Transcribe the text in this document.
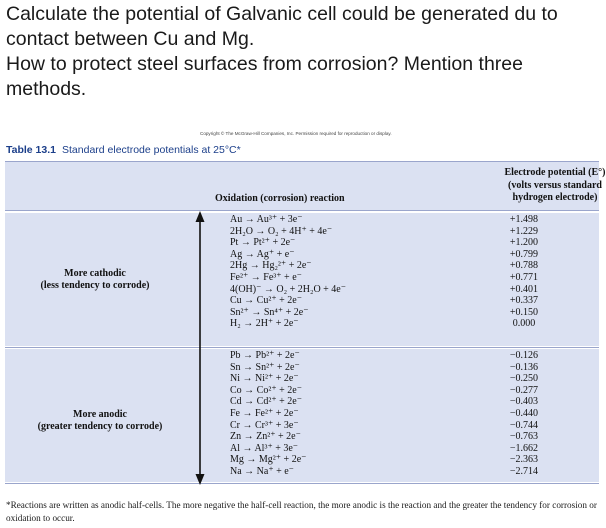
Calculate the potential of Galvanic cell could be generated du to
contact between Cu and Mg.
How to protect steel surfaces from corrosion? Mention three
methods.
Copyright © The McGraw-Hill Companies, Inc. Permission required for reproduction or display.
Table 13.1 Standard electrode potentials at 25°C*
Oxidation (corrosion) reaction
Electrode potential (E°)
(volts versus standard
hydrogen electrode)
More cathodic
(less tendency to corrode)
More anodic
(greater tendency to corrode)
Au → Au³⁺ + 3e⁻	+1.498
2H₂O → O₂ + 4H⁺ + 4e⁻	+1.229
Pt → Pt²⁺ + 2e⁻	+1.200
Ag → Ag⁺ + e⁻	+0.799
2Hg → Hg₂²⁺ + 2e⁻	+0.788
Fe²⁺ → Fe³⁺ + e⁻	+0.771
4(OH)⁻ → O₂ + 2H₂O + 4e⁻	+0.401
Cu → Cu²⁺ + 2e⁻	+0.337
Sn²⁺ → Sn⁴⁺ + 2e⁻	+0.150
H₂ → 2H⁺ + 2e⁻	0.000
Pb → Pb²⁺ + 2e⁻	−0.126
Sn → Sn²⁺ + 2e⁻	−0.136
Ni → Ni²⁺ + 2e⁻	−0.250
Co → Co²⁺ + 2e⁻	−0.277
Cd → Cd²⁺ + 2e⁻	−0.403
Fe → Fe²⁺ + 2e⁻	−0.440
Cr → Cr³⁺ + 3e⁻	−0.744
Zn → Zn²⁺ + 2e⁻	−0.763
Al → Al³⁺ + 3e⁻	−1.662
Mg → Mg²⁺ + 2e⁻	−2.363
Na → Na⁺ + e⁻	−2.714
*Reactions are written as anodic half-cells. The more negative the half-cell reaction, the more anodic is the reaction and the greater the tendency for corrosion or oxidation to occur.
